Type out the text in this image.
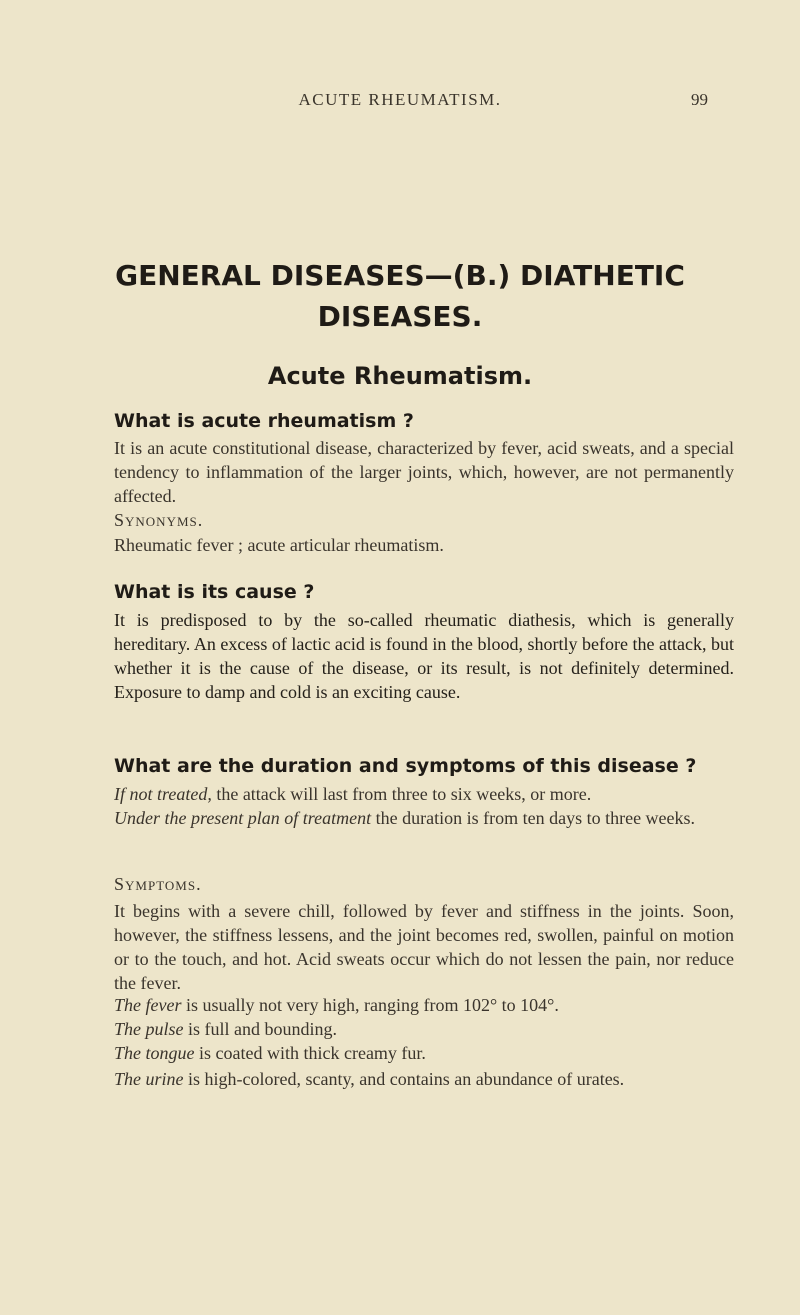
ACUTE RHEUMATISM.	99
GENERAL DISEASES—(B.) DIATHETIC DISEASES.
Acute Rheumatism.
What is acute rheumatism ?

It is an acute constitutional disease, characterized by fever, acid sweats, and a special tendency to inflammation of the larger joints, which, however, are not permanently affected.

Synonyms.

Rheumatic fever ; acute articular rheumatism.

What is its cause ?

It is predisposed to by the so-called rheumatic diathesis, which is generally hereditary. An excess of lactic acid is found in the blood, shortly before the attack, but whether it is the cause of the disease, or its result, is not definitely determined. Exposure to damp and cold is an exciting cause.

What are the duration and symptoms of this disease ?

If not treated, the attack will last from three to six weeks, or more.

Under the present plan of treatment the duration is from ten days to three weeks.

Symptoms.

It begins with a severe chill, followed by fever and stiffness in the joints. Soon, however, the stiffness lessens, and the joint becomes red, swollen, painful on motion or to the touch, and hot. Acid sweats occur which do not lessen the pain, nor reduce the fever.

The fever is usually not very high, ranging from 102° to 104°.

The pulse is full and bounding.

The tongue is coated with thick creamy fur.

The urine is high-colored, scanty, and contains an abundance of urates.
